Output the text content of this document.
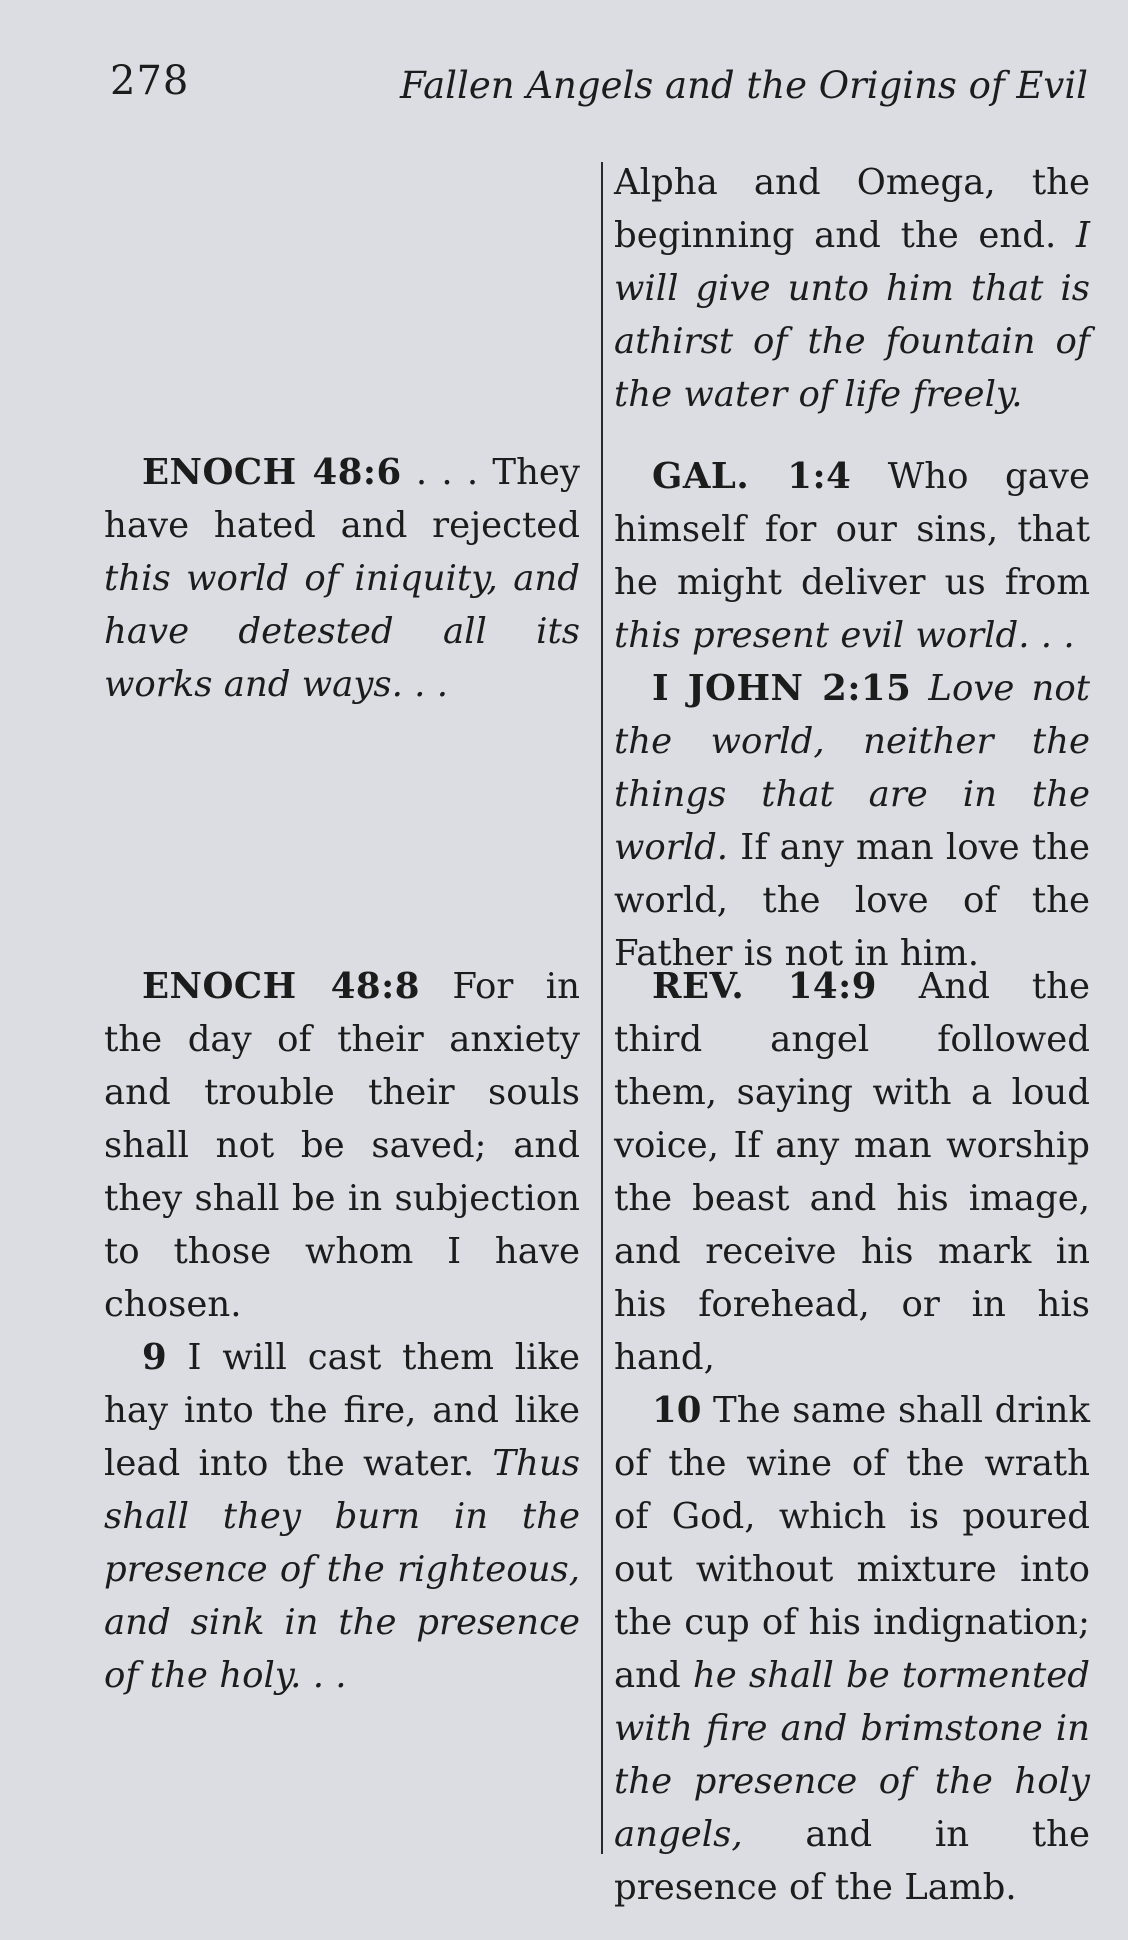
278	Fallen Angels and the Origins of Evil

ENOCH 48:6 . . . They have hated and rejected this world of iniquity, and have detested all its works and ways. . .

ENOCH 48:8 For in the day of their anxiety and trouble their souls shall not be saved; and they shall be in subjection to those whom I have chosen.

9 I will cast them like hay into the fire, and like lead into the water. Thus shall they burn in the presence of the righteous, and sink in the presence of the holy. . .

Alpha and Omega, the beginning and the end. I will give unto him that is athirst of the fountain of the water of life freely.

GAL. 1:4 Who gave himself for our sins, that he might deliver us from this present evil world. . .

I JOHN 2:15 Love not the world, neither the things that are in the world. If any man love the world, the love of the Father is not in him.

REV. 14:9 And the third angel followed them, saying with a loud voice, If any man worship the beast and his image, and receive his mark in his forehead, or in his hand,

10 The same shall drink of the wine of the wrath of God, which is poured out without mixture into the cup of his indignation; and he shall be tormented with fire and brimstone in the presence of the holy angels, and in the presence of the Lamb.
